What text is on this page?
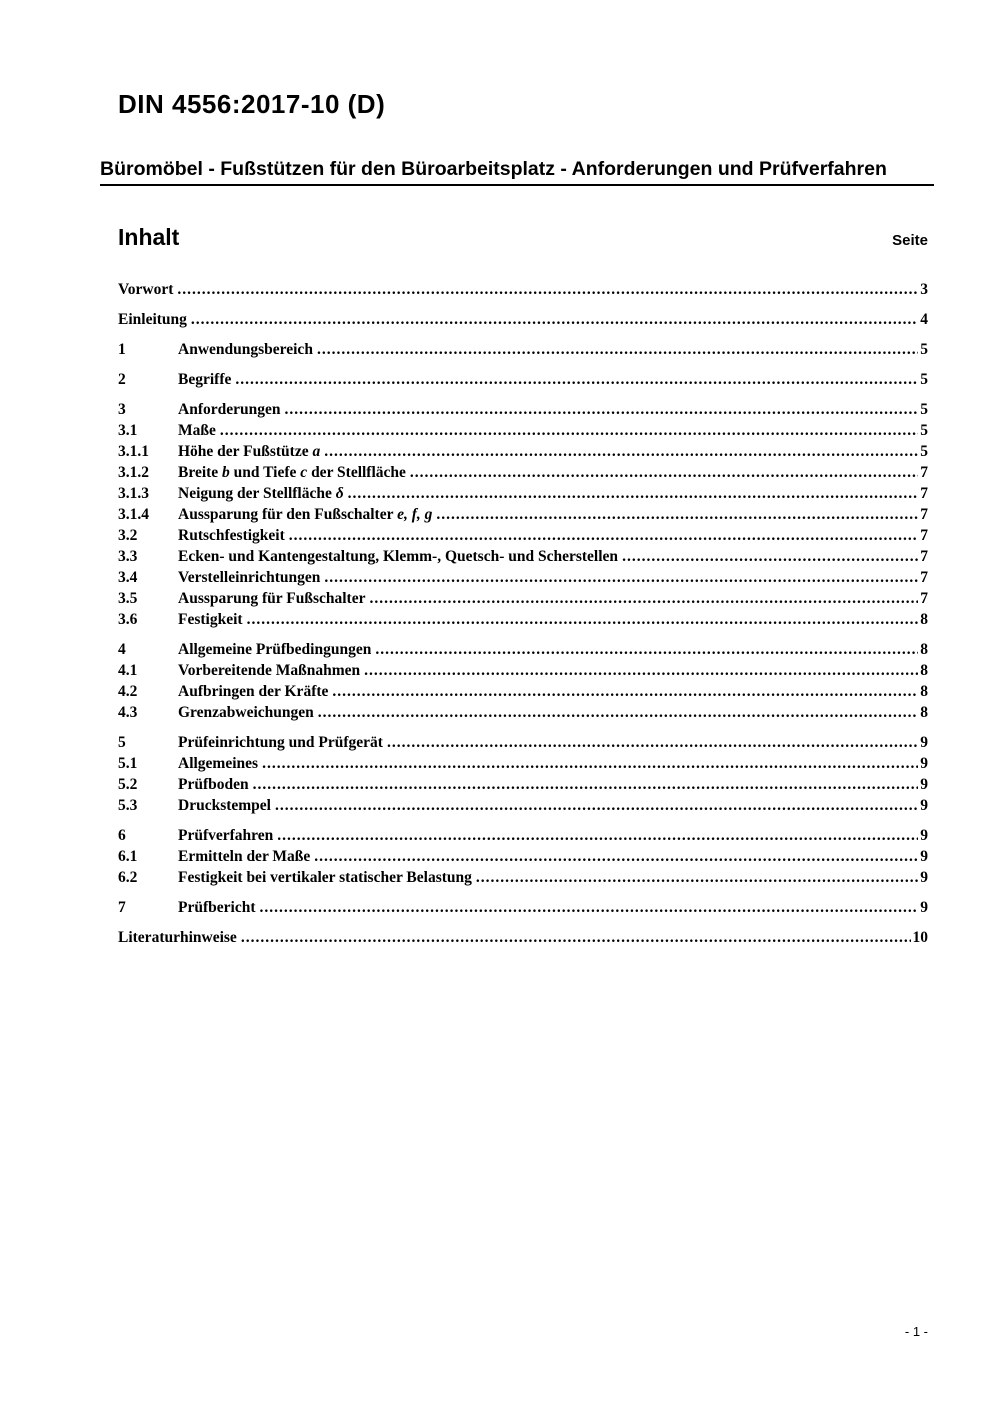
DIN 4556:2017-10 (D)
Büromöbel - Fußstützen für den Büroarbeitsplatz - Anforderungen und Prüfverfahren
Inhalt	Seite
Vorwort .....	3
Einleitung .....	4
1	Anwendungsbereich .....	5
2	Begriffe .....	5
3	Anforderungen .....	5
3.1	Maße .....	5
3.1.1	Höhe der Fußstütze a .....	5
3.1.2	Breite b und Tiefe c der Stellfläche .....	7
3.1.3	Neigung der Stellfläche δ .....	7
3.1.4	Aussparung für den Fußschalter e, f, g .....	7
3.2	Rutschfestigkeit .....	7
3.3	Ecken- und Kantengestaltung, Klemm-, Quetsch- und Scherstellen .....	7
3.4	Verstelleinrichtungen .....	7
3.5	Aussparung für Fußschalter .....	7
3.6	Festigkeit .....	8
4	Allgemeine Prüfbedingungen .....	8
4.1	Vorbereitende Maßnahmen .....	8
4.2	Aufbringen der Kräfte .....	8
4.3	Grenzabweichungen .....	8
5	Prüfeinrichtung und Prüfgerät .....	9
5.1	Allgemeines .....	9
5.2	Prüfboden .....	9
5.3	Druckstempel .....	9
6	Prüfverfahren .....	9
6.1	Ermitteln der Maße .....	9
6.2	Festigkeit bei vertikaler statischer Belastung .....	9
7	Prüfbericht .....	9
Literaturhinweise .....	10
- 1 -
